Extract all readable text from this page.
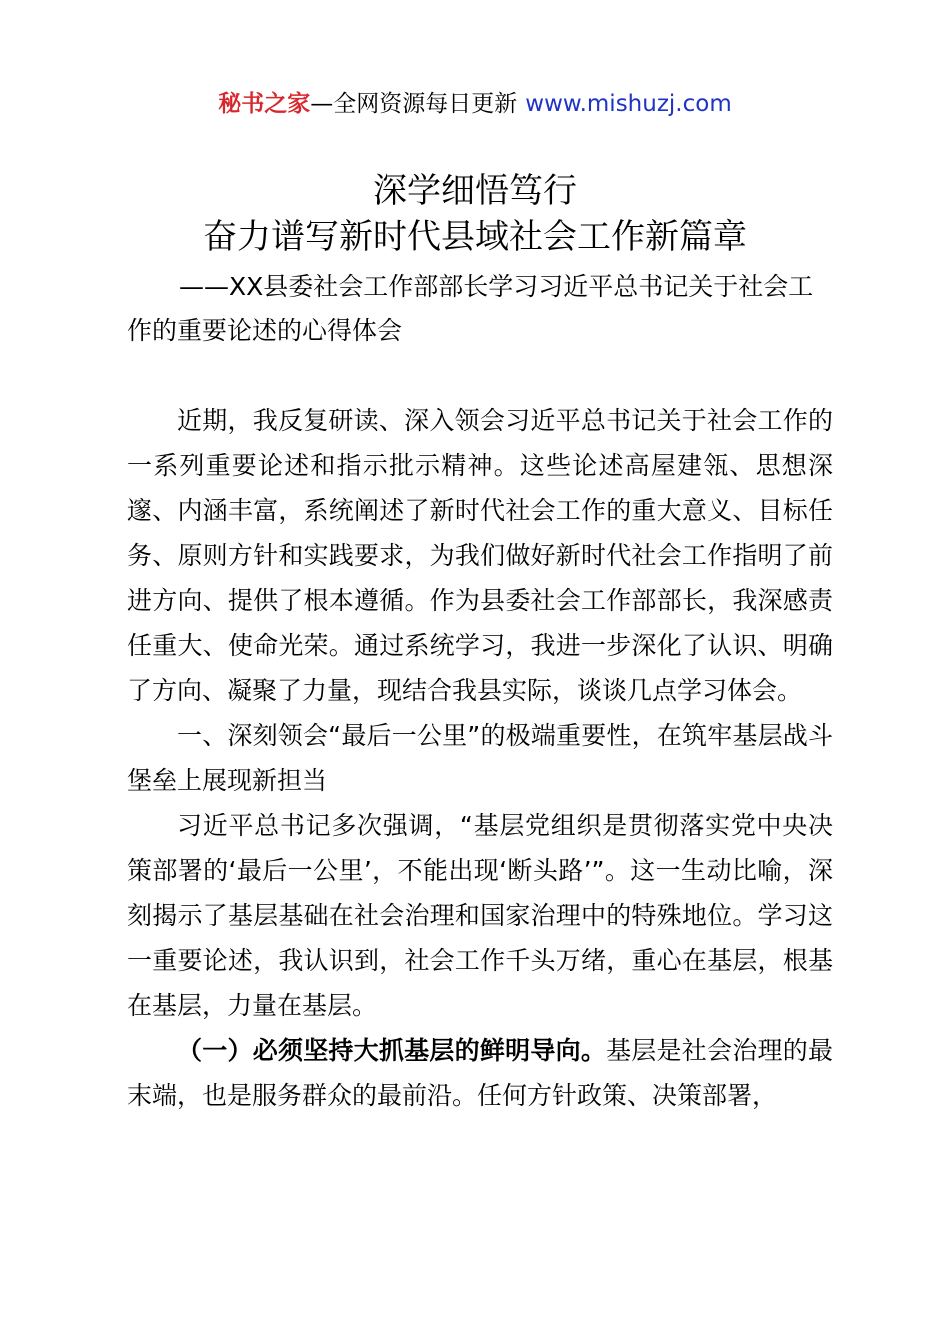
秘书之家—全网资源每日更新 www.mishuzj.com
深学细悟笃行
奋力谱写新时代县域社会工作新篇章
——XX县委社会工作部部长学习习近平总书记关于社会工作的重要论述的心得体会

近期，我反复研读、深入领会习近平总书记关于社会工作的一系列重要论述和指示批示精神。这些论述高屋建瓴、思想深邃、内涵丰富，系统阐述了新时代社会工作的重大意义、目标任务、原则方针和实践要求，为我们做好新时代社会工作指明了前进方向、提供了根本遵循。作为县委社会工作部部长，我深感责任重大、使命光荣。通过系统学习，我进一步深化了认识、明确了方向、凝聚了力量，现结合我县实际，谈谈几点学习体会。

一、深刻领会“最后一公里”的极端重要性，在筑牢基层战斗堡垒上展现新担当

习近平总书记多次强调，“基层党组织是贯彻落实党中央决策部署的‘最后一公里’，不能出现‘断头路’”。这一生动比喻，深刻揭示了基层基础在社会治理和国家治理中的特殊地位。学习这一重要论述，我认识到，社会工作千头万绪，重心在基层，根基在基层，力量在基层。

（一）必须坚持大抓基层的鲜明导向。基层是社会治理的最末端，也是服务群众的最前沿。任何方针政策、决策部署，
